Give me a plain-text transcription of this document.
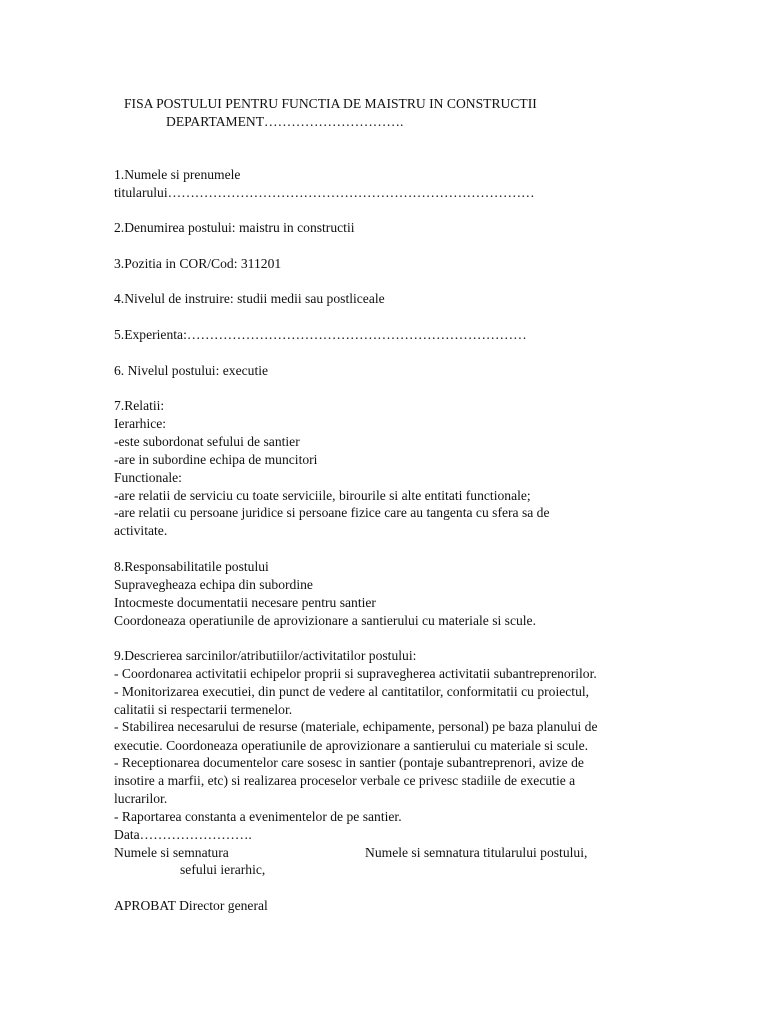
FISA POSTULUI PENTRU FUNCTIA DE MAISTRU IN CONSTRUCTII

DEPARTAMENT………………………….

1.Numele si prenumele

titularului………………………………………………………………………

2.Denumirea postului: maistru in constructii

3.Pozitia in COR/Cod: 311201

4.Nivelul de instruire: studii medii sau postliceale

5.Experienta:…………………………………………………………………

6. Nivelul postului: executie

7.Relatii:

Ierarhice:

-este subordonat sefului de santier

-are in subordine echipa de muncitori

Functionale:

-are relatii de serviciu cu toate serviciile, birourile si alte entitati functionale;

-are relatii cu persoane juridice si persoane fizice care au tangenta cu sfera sa de

activitate.

8.Responsabilitatile postului

Supravegheaza echipa din subordine

Intocmeste documentatii necesare pentru santier

Coordoneaza operatiunile de aprovizionare a santierului cu materiale si scule.

9.Descrierea sarcinilor/atributiilor/activitatilor postului:

- Coordonarea activitatii echipelor proprii si supravegherea activitatii subantreprenorilor.

- Monitorizarea executiei, din punct de vedere al cantitatilor, conformitatii cu proiectul,

calitatii si respectarii termenelor.

- Stabilirea necesarului de resurse (materiale, echipamente, personal) pe baza planului de

executie. Coordoneaza operatiunile de aprovizionare a santierului cu materiale si scule.

- Receptionarea documentelor care sosesc in santier (pontaje subantreprenori, avize de

insotire a marfii, etc) si realizarea proceselor verbale ce privesc stadiile de executie a

lucrarilor.

- Raportarea constanta a evenimentelor de pe santier.

Data…………………….

Numele si semnatura	Numele si semnatura titularului postului,

sefului ierarhic,

APROBAT Director general
